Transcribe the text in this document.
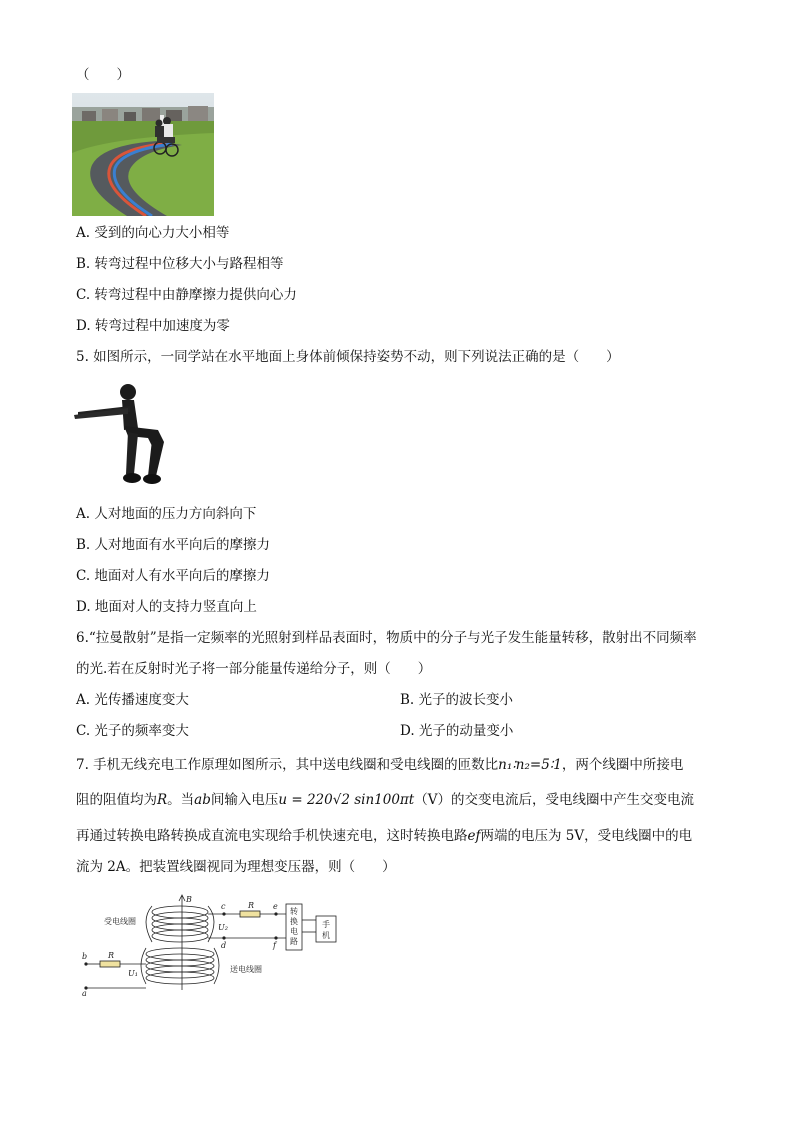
（　　）
A. 受到的向心力大小相等
B. 转弯过程中位移大小与路程相等
C. 转弯过程中由静摩擦力提供向心力
D. 转弯过程中加速度为零
5. 如图所示，一同学站在水平地面上身体前倾保持姿势不动，则下列说法正确的是（　　）
A. 人对地面的压力方向斜向下
B. 人对地面有水平向后的摩擦力
C. 地面对人有水平向后的摩擦力
D. 地面对人的支持力竖直向上
6.“拉曼散射”是指一定频率的光照射到样品表面时，物质中的分子与光子发生能量转移，散射出不同频率
的光.若在反射时光子将一部分能量传递给分子，则（　　）
A. 光传播速度变大	B. 光子的波长变小
C. 光子的频率变大	D. 光子的动量变小
7. 手机无线充电工作原理如图所示，其中送电线圈和受电线圈的匝数比n₁∶n₂=5∶1，两个线圈中所接电
阻的阻值均为R。当ab间输入电压u = 220√2 sin100πt（V）的交变电流后，受电线圈中产生交变电流
再通过转换电路转换成直流电实现给手机快速充电，这时转换电路ef两端的电压为 5V，受电线圈中的电
流为 2A。把装置线圈视同为理想变压器，则（　　）
受电线圈
送电线圈
B
R
R
U₂
U₁
c
d
e
f
b
a
转
换
电
路
手
机
